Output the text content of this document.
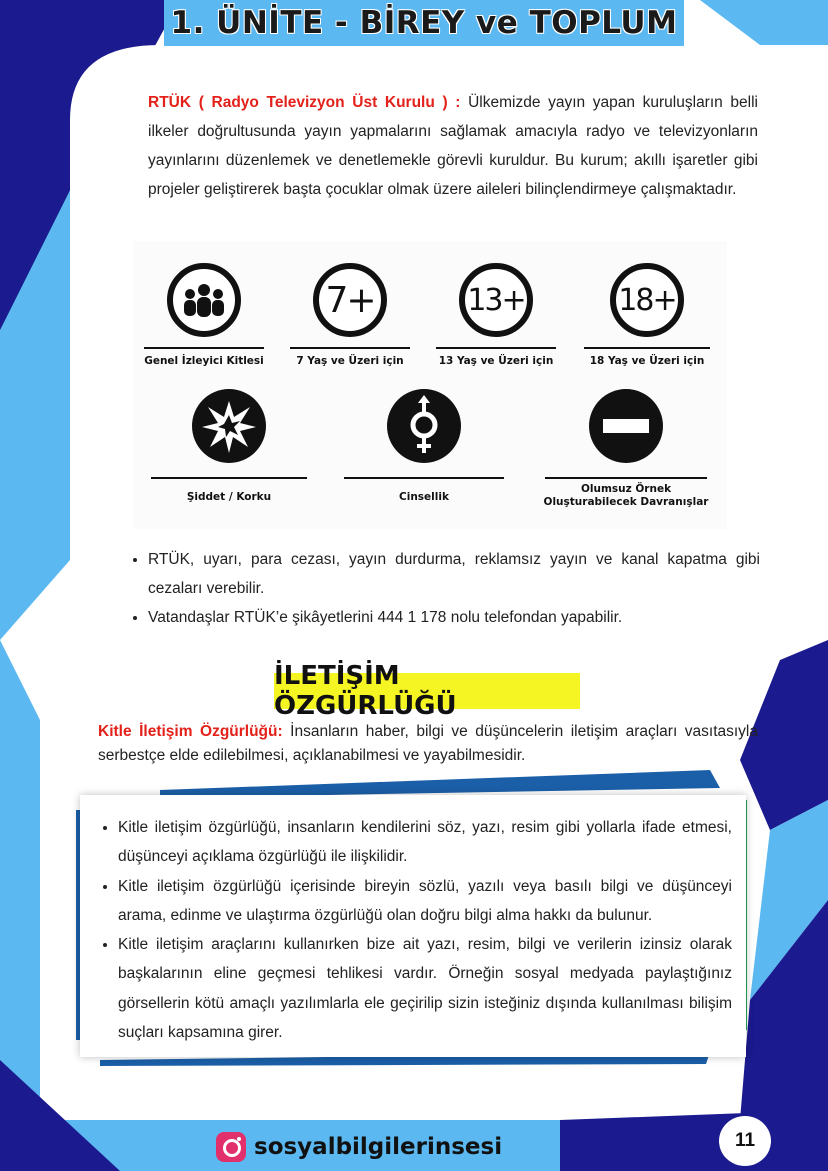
1. ÜNİTE - BİREY ve TOPLUM
RTÜK ( Radyo Televizyon Üst Kurulu ) : Ülkemizde yayın yapan kuruluşların belli ilkeler doğrultusunda yayın yapmalarını sağlamak amacıyla radyo ve televizyonların yayınlarını düzenlemek ve denetlemekle görevli kuruldur. Bu kurum; akıllı işaretler gibi projeler geliştirerek başta çocuklar olmak üzere aileleri bilinçlendirmeye çalışmaktadır.
Genel İzleyici Kitlesi
7+
7 Yaş ve Üzeri için
13+
13 Yaş ve Üzeri için
18+
18 Yaş ve Üzeri için
Şiddet / Korku	Cinsellik
Olumsuz Örnek Oluşturabilecek Davranışlar
• RTÜK, uyarı, para cezası, yayın durdurma, reklamsız yayın ve kanal kapatma gibi cezaları verebilir.
• Vatandaşlar RTÜK’e şikâyetlerini 444 1 178 nolu telefondan yapabilir.
İLETİŞİM ÖZGÜRLÜĞÜ
Kitle İletişim Özgürlüğü: İnsanların haber, bilgi ve düşüncelerin iletişim araçları vasıtasıyla serbestçe elde edilebilmesi, açıklanabilmesi ve yayabilmesidir.
• Kitle iletişim özgürlüğü, insanların kendilerini söz, yazı, resim gibi yollarla ifade etmesi, düşünceyi açıklama özgürlüğü ile ilişkilidir.
• Kitle iletişim özgürlüğü içerisinde bireyin sözlü, yazılı veya basılı bilgi ve düşünceyi arama, edinme ve ulaştırma özgürlüğü olan doğru bilgi alma hakkı da bulunur.
• Kitle iletişim araçlarını kullanırken bize ait yazı, resim, bilgi ve verilerin izinsiz olarak başkalarının eline geçmesi tehlikesi vardır. Örneğin sosyal medyada paylaştığınız görsellerin kötü amaçlı yazılımlarla ele geçirilip sizin isteğiniz dışında kullanılması bilişim suçları kapsamına girer.
sosyalbilgilerinsesi	11
